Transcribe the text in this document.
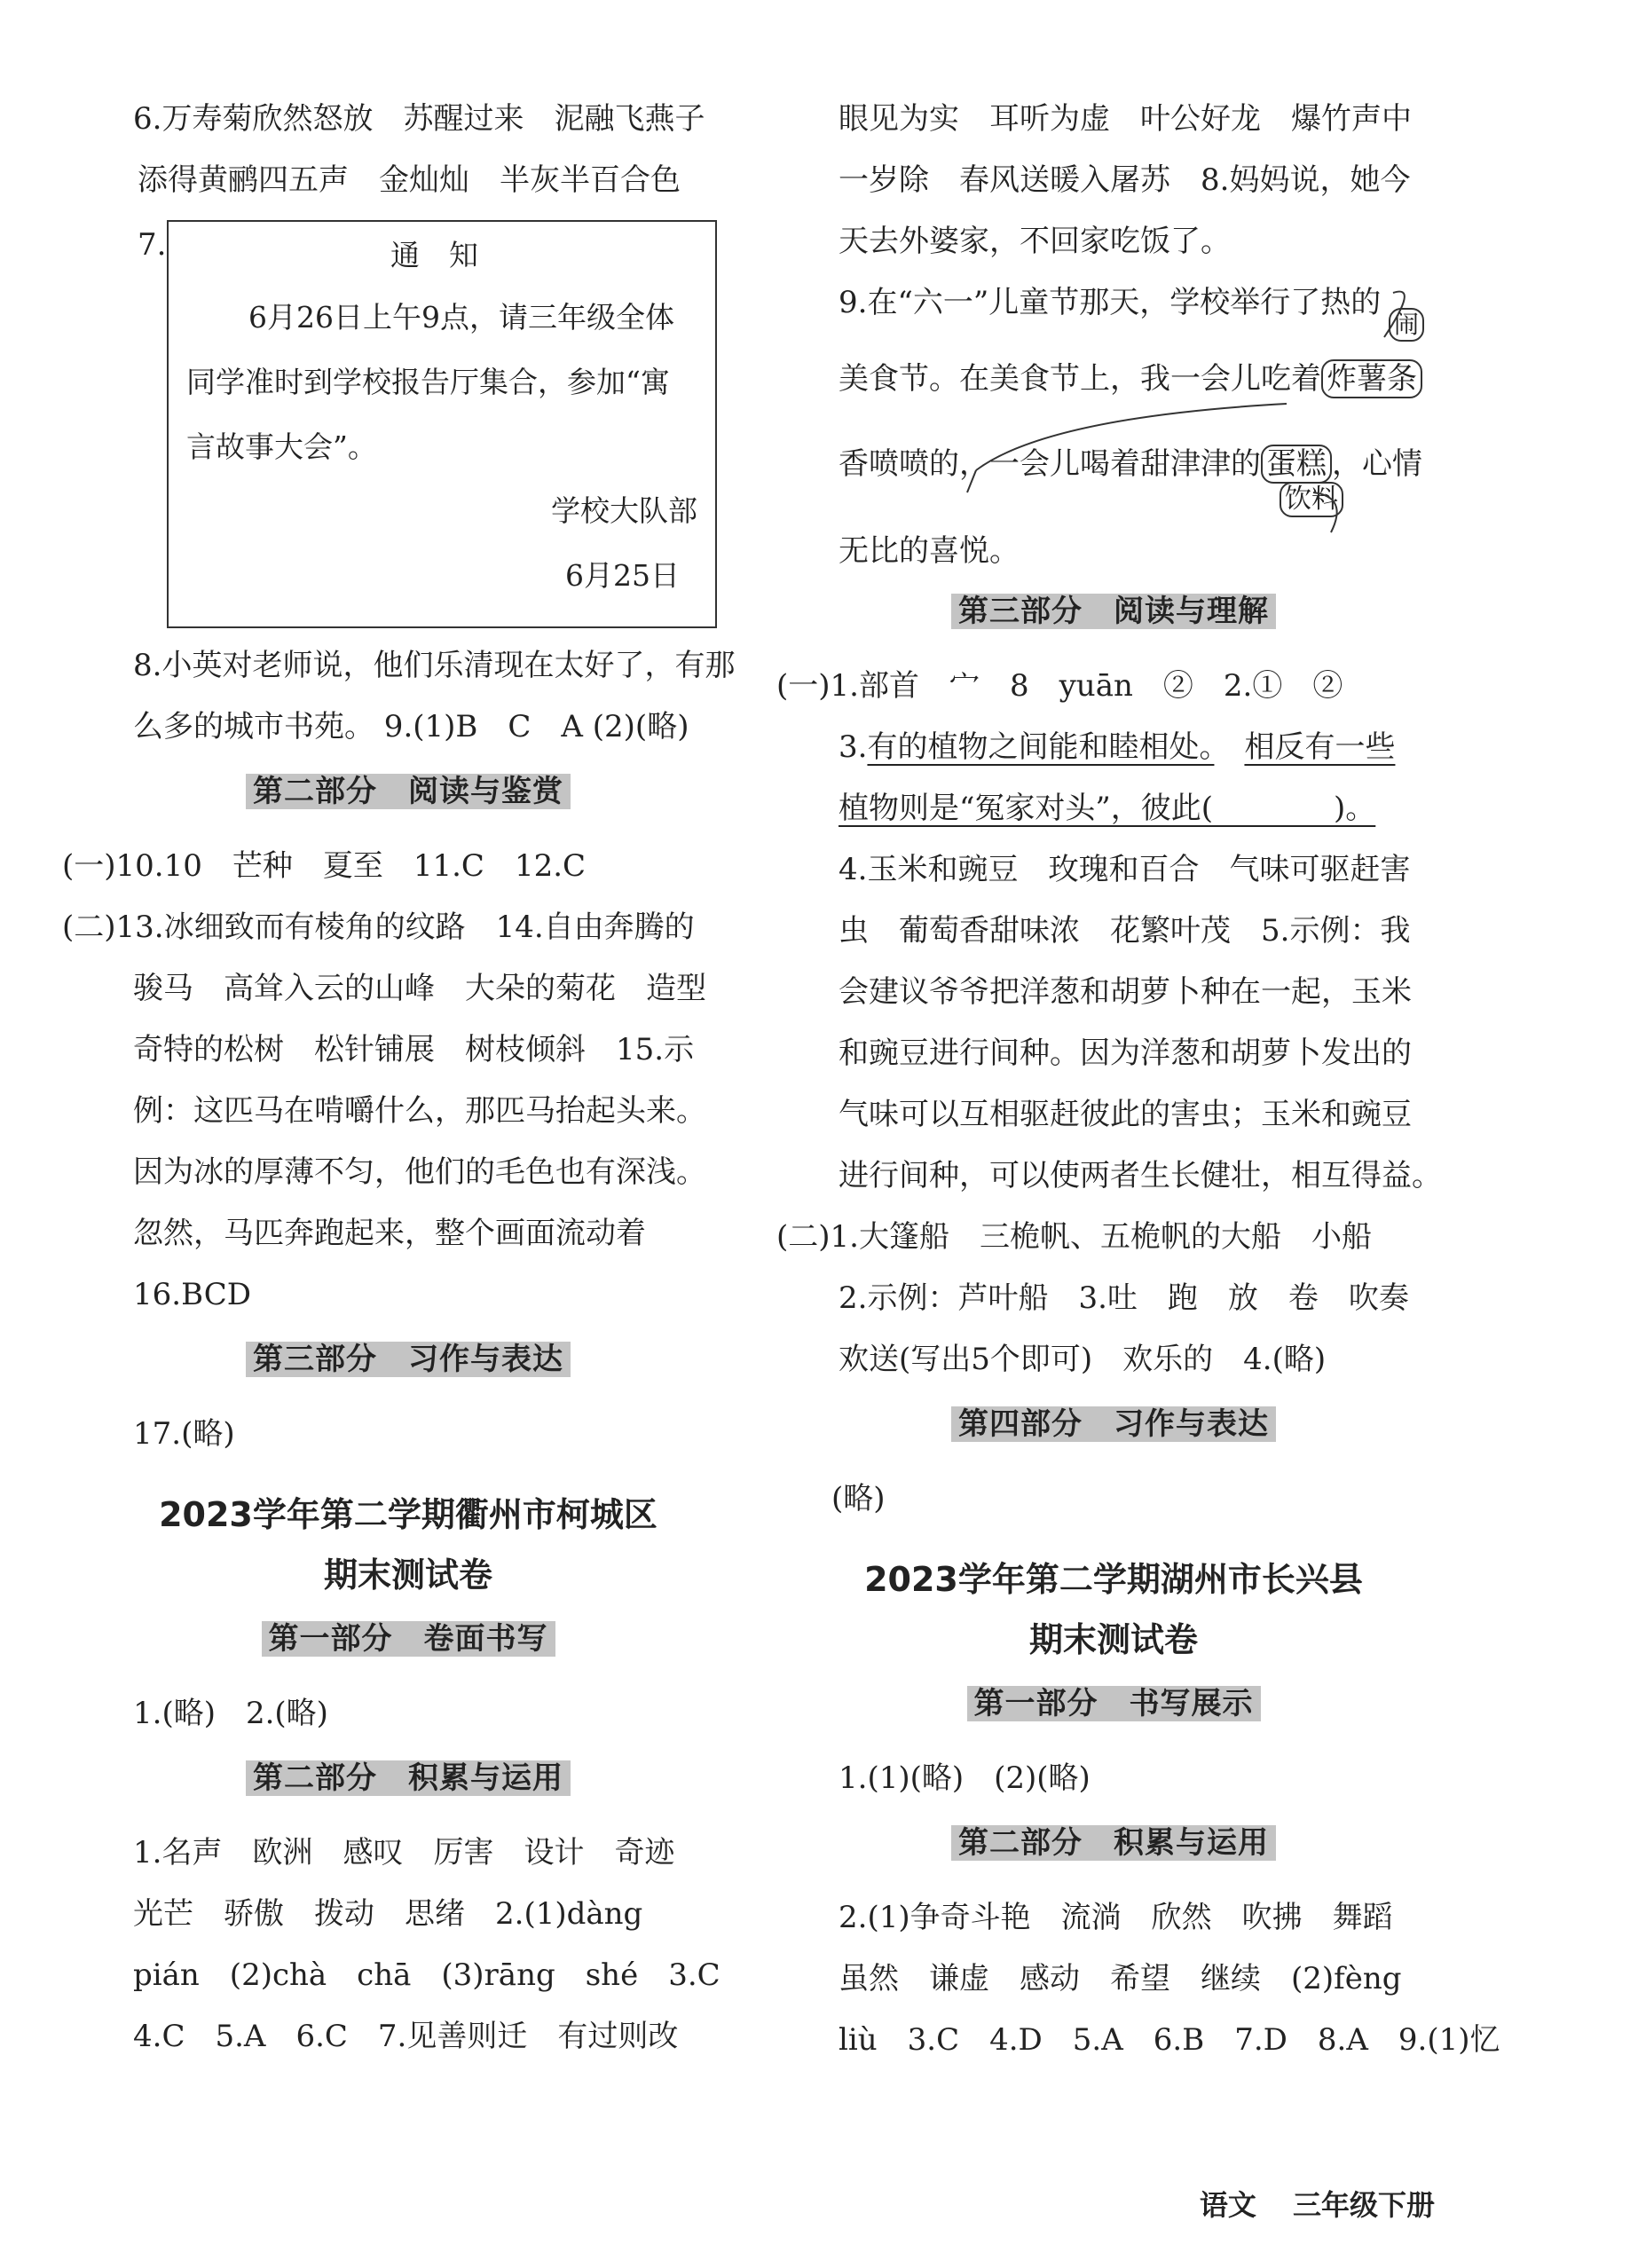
6.万寿菊欣然怒放　苏醒过来　泥融飞燕子
添得黄鹂四五声　金灿灿　半灰半百合色
7.	通　知
6月26日上午9点，请三年级全体
同学准时到学校报告厅集合，参加“寓
言故事大会”。
学校大队部
6月25日
8.小英对老师说，他们乐清现在太好了，有那
么多的城市书苑。 9.(1)B　C　A (2)(略)
第二部分　阅读与鉴赏
(一)10.10　芒种　夏至　11.C　12.C
(二)13.冰细致而有棱角的纹路　14.自由奔腾的
骏马　高耸入云的山峰　大朵的菊花　造型
奇特的松树　松针铺展　树枝倾斜　15.示
例：这匹马在啃嚼什么，那匹马抬起头来。
因为冰的厚薄不匀，他们的毛色也有深浅。
忽然，马匹奔跑起来，整个画面流动着
16.BCD
第三部分　习作与表达
17.(略)
2023学年第二学期衢州市柯城区
期末测试卷
第一部分　卷面书写
1.(略)　2.(略)
第二部分　积累与运用
1.名声　欧洲　感叹　厉害　设计　奇迹
光芒　骄傲　拨动　思绪　2.(1)dàng
pián　(2)chà　chā　(3)rāng　shé　3.C
4.C　5.A　6.C　7.见善则迁　有过则改
眼见为实　耳听为虚　叶公好龙　爆竹声中
一岁除　春风送暖入屠苏　8.妈妈说，她今
天去外婆家，不回家吃饭了。
9.在“六一”儿童节那天，学校举行了热的
闹
美食节。在美食节上，我一会儿吃着 炸薯条
香喷喷的，一会儿喝着甜津津的 蛋糕 ，心情
饮料
无比的喜悦。
第三部分　阅读与理解
(一)1.部首　宀　8　yuān　②　2.①　②
3.有的植物之间能和睦相处。　 相反有一些
植物则是“冤家对头”，彼此(　　　　)。
4.玉米和豌豆　玫瑰和百合　气味可驱赶害
虫　葡萄香甜味浓　花繁叶茂　5.示例：我
会建议爷爷把洋葱和胡萝卜种在一起，玉米
和豌豆进行间种。因为洋葱和胡萝卜发出的
气味可以互相驱赶彼此的害虫；玉米和豌豆
进行间种，可以使两者生长健壮，相互得益。
(二)1.大篷船　三桅帆、五桅帆的大船　小船
2.示例：芦叶船　3.吐　跑　放　卷　吹奏
欢送(写出5个即可)　欢乐的　4.(略)
第四部分　习作与表达
(略)
2023学年第二学期湖州市长兴县
期末测试卷
第一部分　书写展示
1.(1)(略)　(2)(略)
第二部分　积累与运用
2.(1)争奇斗艳　流淌　欣然　吹拂　舞蹈
虽然　谦虚　感动　希望　继续　(2)fèng
liù　3.C　4.D　5.A　6.B　7.D　8.A　9.(1)忆
语文 三年级下册
